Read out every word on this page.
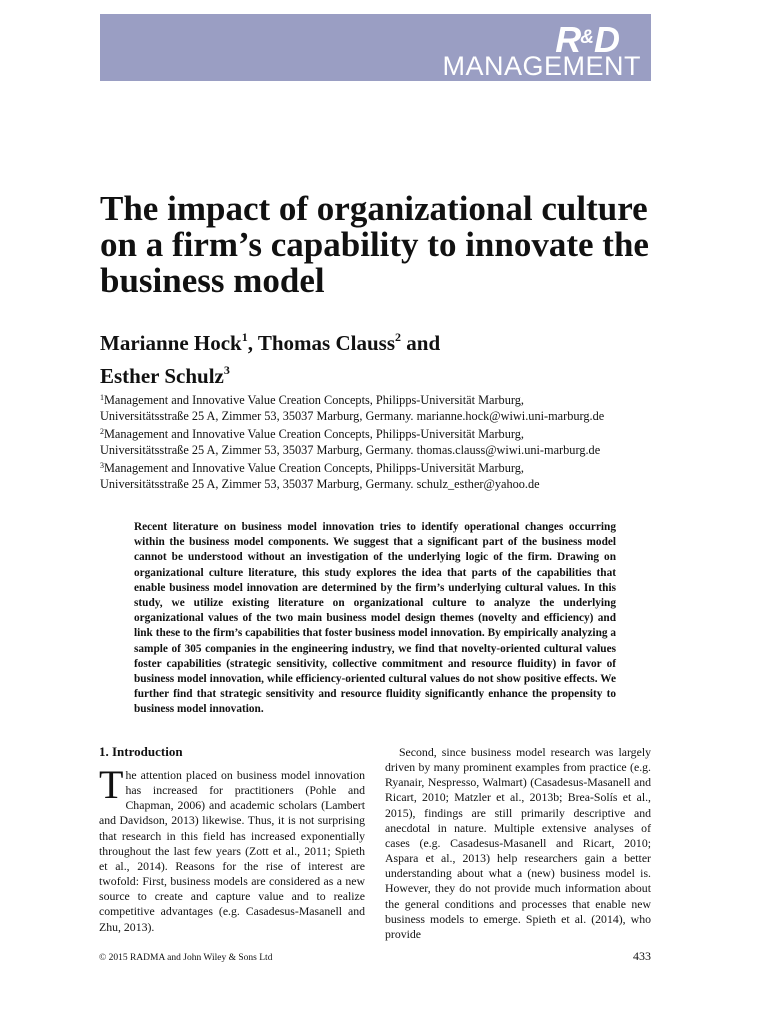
R&D
MANAGEMENT
The impact of organizational culture on a firm’s capability to innovate the business model
Marianne Hock$^1$, Thomas Clauss$^2$ and
Esther Schulz$^3$
$^1$Management and Innovative Value Creation Concepts, Philipps-Universität Marburg,
Universitätsstraße 25 A, Zimmer 53, 35037 Marburg, Germany. marianne.hock@wiwi.uni-marburg.de
$^2$Management and Innovative Value Creation Concepts, Philipps-Universität Marburg,
Universitätsstraße 25 A, Zimmer 53, 35037 Marburg, Germany. thomas.clauss@wiwi.uni-marburg.de
$^3$Management and Innovative Value Creation Concepts, Philipps-Universität Marburg,
Universitätsstraße 25 A, Zimmer 53, 35037 Marburg, Germany. schulz_esther@yahoo.de

Recent literature on business model innovation tries to identify operational changes occurring within the business model components. We suggest that a significant part of the business model cannot be understood without an investigation of the underlying logic of the firm. Drawing on organizational culture literature, this study explores the idea that parts of the capabilities that enable business model innovation are determined by the firm’s underlying cultural values. In this study, we utilize existing literature on organizational culture to analyze the underlying organizational values of the two main business model design themes (novelty and efficiency) and link these to the firm’s capabilities that foster business model innovation. By empirically analyzing a sample of 305 companies in the engineering industry, we find that novelty-oriented cultural values foster capabilities (strategic sensitivity, collective commitment and resource fluidity) in favor of business model innovation, while efficiency-oriented cultural values do not show positive effects. We further find that strategic sensitivity and resource fluidity significantly enhance the propensity to business model innovation.

1. Introduction

The attention placed on business model innovation has increased for practitioners (Pohle and Chapman, 2006) and academic scholars (Lambert and Davidson, 2013) likewise. Thus, it is not surprising that research in this field has increased exponentially throughout the last few years (Zott et al., 2011; Spieth et al., 2014). Reasons for the rise of interest are twofold: First, business models are considered as a new source to create and capture value and to realize competitive advantages (e.g. Casadesus-Masanell and Zhu, 2013).

Second, since business model research was largely driven by many prominent examples from practice (e.g. Ryanair, Nespresso, Walmart) (Casadesus-Masanell and Ricart, 2010; Matzler et al., 2013b; Brea-Solís et al., 2015), findings are still primarily descriptive and anecdotal in nature. Multiple extensive analyses of cases (e.g. Casadesus-Masanell and Ricart, 2010; Aspara et al., 2013) help researchers gain a better understanding about what a (new) business model is. However, they do not provide much information about the general conditions and processes that enable new business models to emerge. Spieth et al. (2014), who provide

© 2015 RADMA and John Wiley & Sons Ltd	433
